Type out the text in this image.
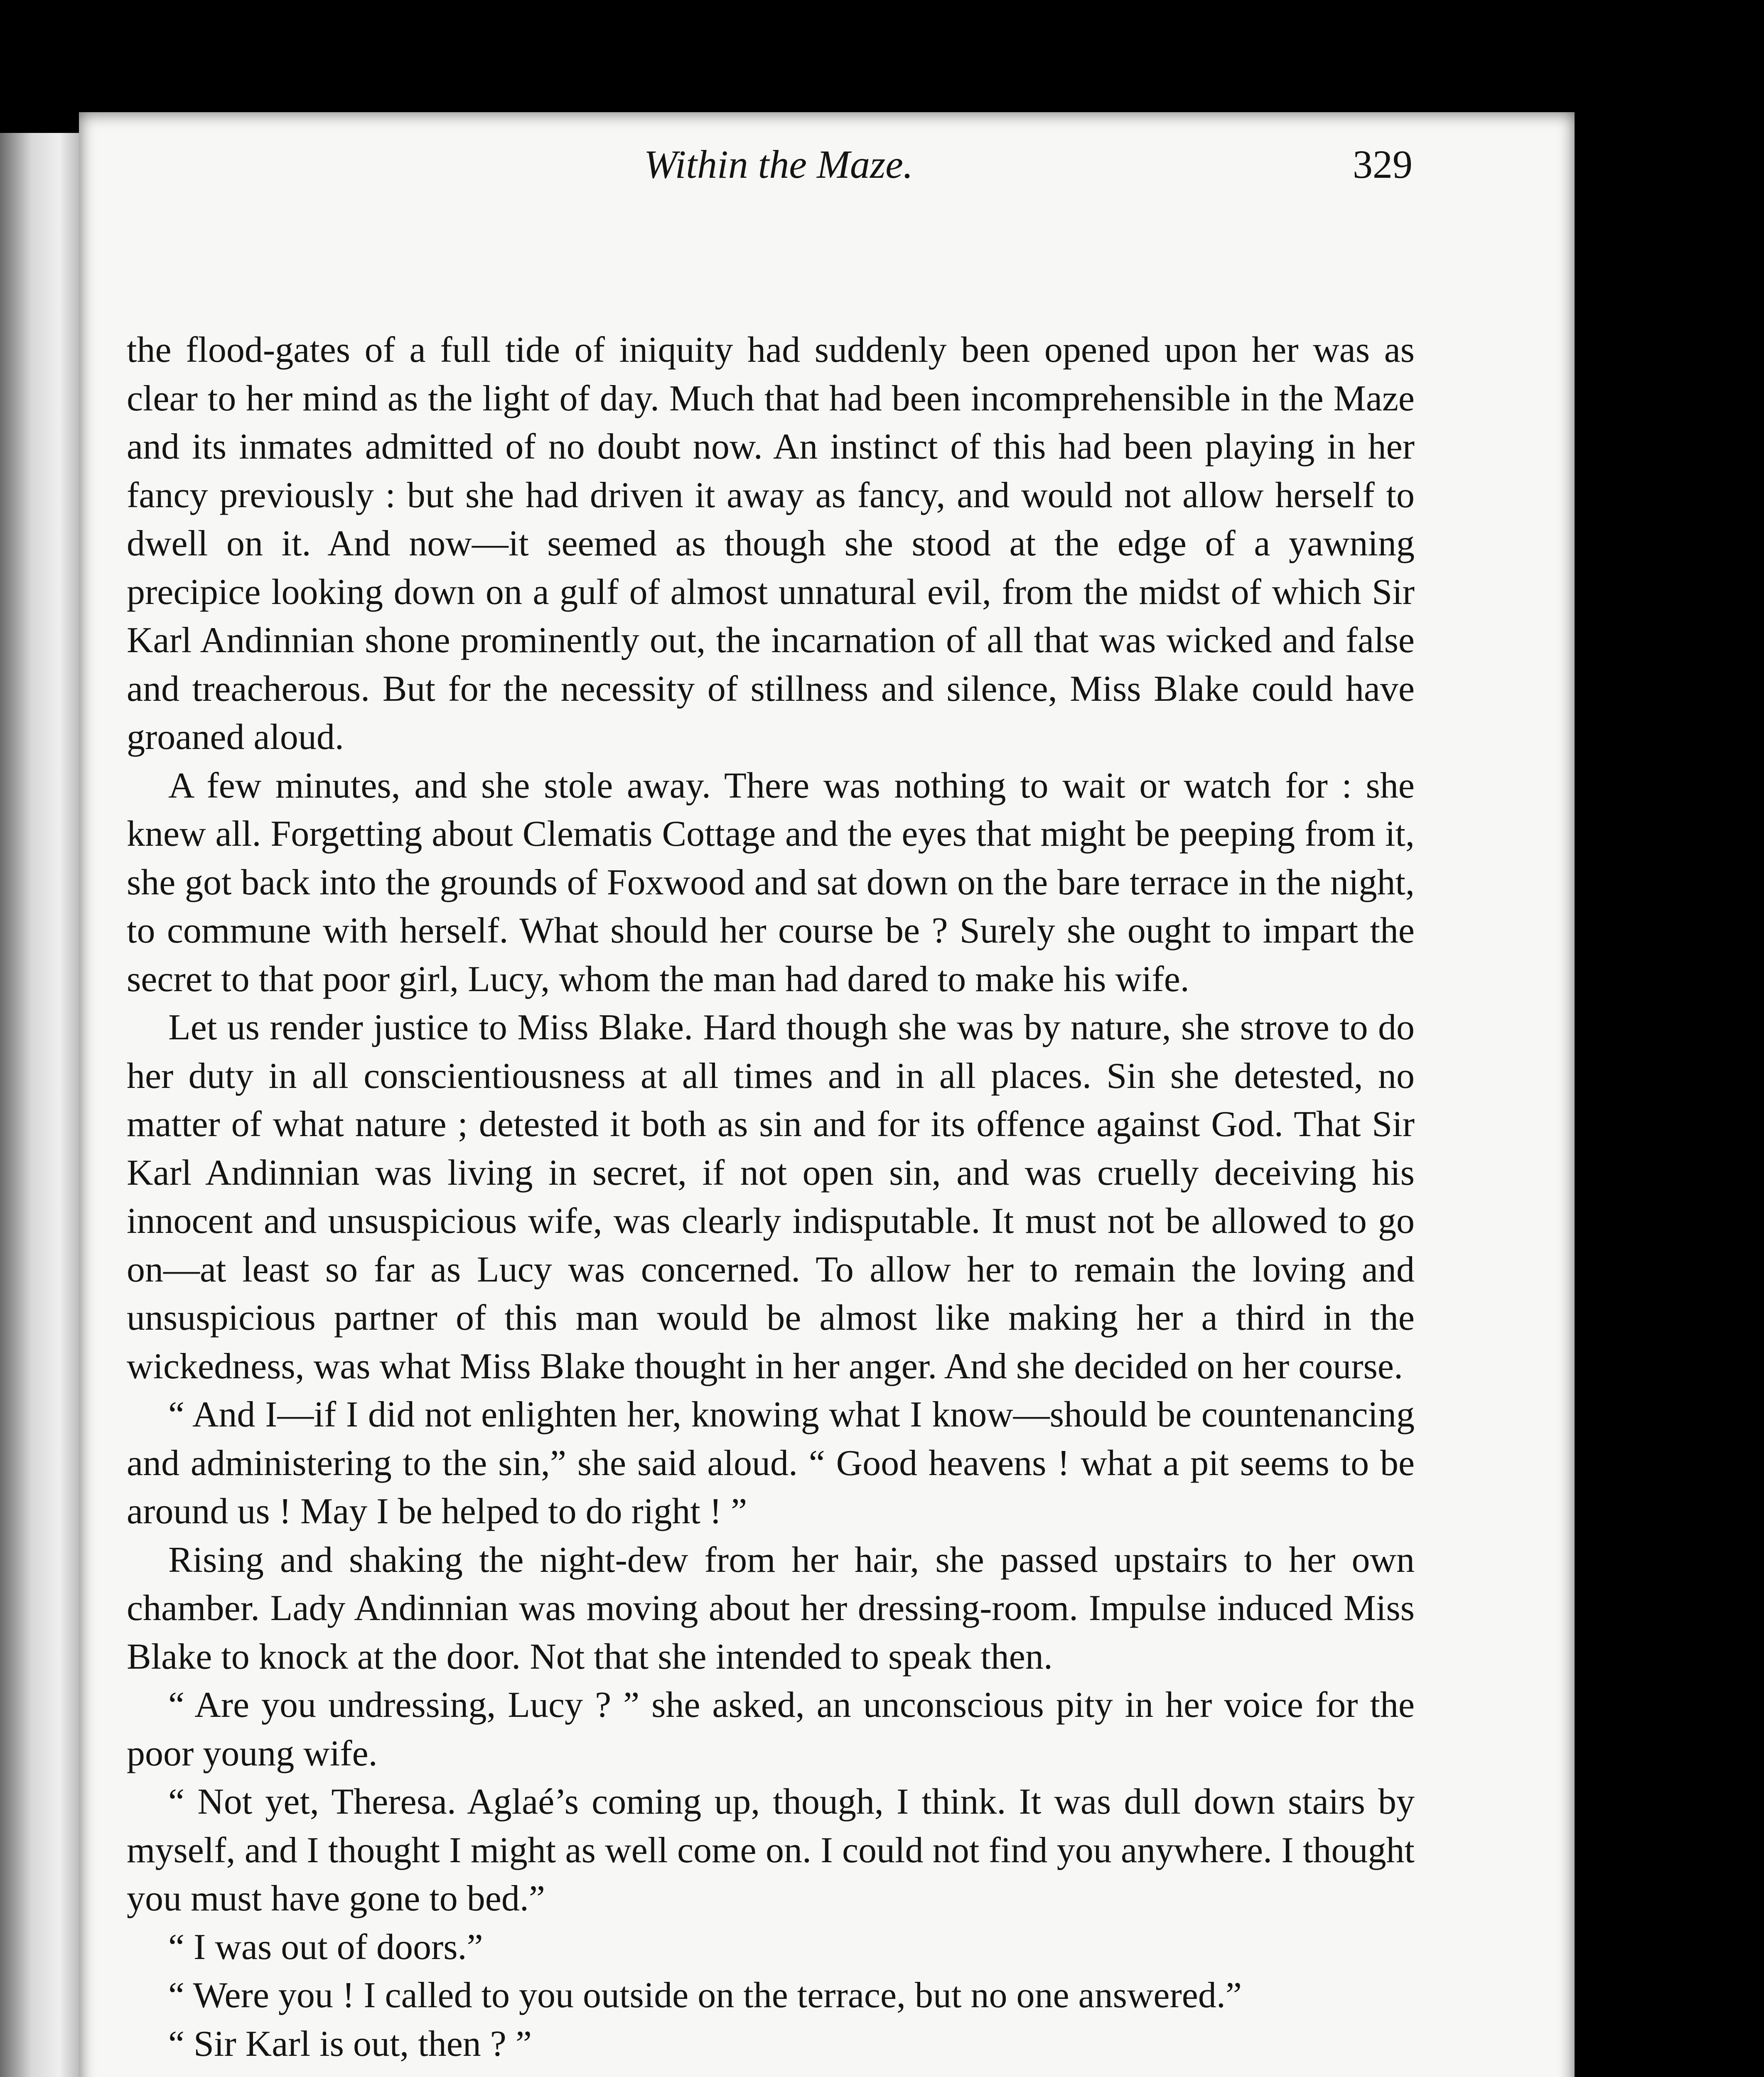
Within the Maze.	329

the flood-gates of a full tide of iniquity had suddenly been opened upon her was as clear to her mind as the light of day. Much that had been incomprehensible in the Maze and its inmates admitted of no doubt now. An instinct of this had been playing in her fancy previously : but she had driven it away as fancy, and would not allow herself to dwell on it. And now—it seemed as though she stood at the edge of a yawning precipice looking down on a gulf of almost unnatural evil, from the midst of which Sir Karl Andinnian shone prominently out, the incarnation of all that was wicked and false and treacherous. But for the necessity of stillness and silence, Miss Blake could have groaned aloud.

A few minutes, and she stole away. There was nothing to wait or watch for : she knew all. Forgetting about Clematis Cottage and the eyes that might be peeping from it, she got back into the grounds of Foxwood and sat down on the bare terrace in the night, to commune with herself. What should her course be ? Surely she ought to impart the secret to that poor girl, Lucy, whom the man had dared to make his wife.

Let us render justice to Miss Blake. Hard though she was by nature, she strove to do her duty in all conscientiousness at all times and in all places. Sin she detested, no matter of what nature ; detested it both as sin and for its offence against God. That Sir Karl Andinnian was living in secret, if not open sin, and was cruelly deceiving his innocent and unsuspicious wife, was clearly indisputable. It must not be allowed to go on—at least so far as Lucy was concerned. To allow her to remain the loving and unsuspicious partner of this man would be almost like making her a third in the wickedness, was what Miss Blake thought in her anger. And she decided on her course.

“ And I—if I did not enlighten her, knowing what I know—should be countenancing and administering to the sin,” she said aloud. “ Good heavens ! what a pit seems to be around us ! May I be helped to do right ! ”

Rising and shaking the night-dew from her hair, she passed upstairs to her own chamber. Lady Andinnian was moving about her dressing-room. Impulse induced Miss Blake to knock at the door. Not that she intended to speak then.

“ Are you undressing, Lucy ? ” she asked, an unconscious pity in her voice for the poor young wife.

“ Not yet, Theresa. Aglaé’s coming up, though, I think. It was dull down stairs by myself, and I thought I might as well come on. I could not find you anywhere. I thought you must have gone to bed.”

“ I was out of doors.”

“ Were you ! I called to you outside on the terrace, but no one answered.”

“ Sir Karl is out, then ? ”
